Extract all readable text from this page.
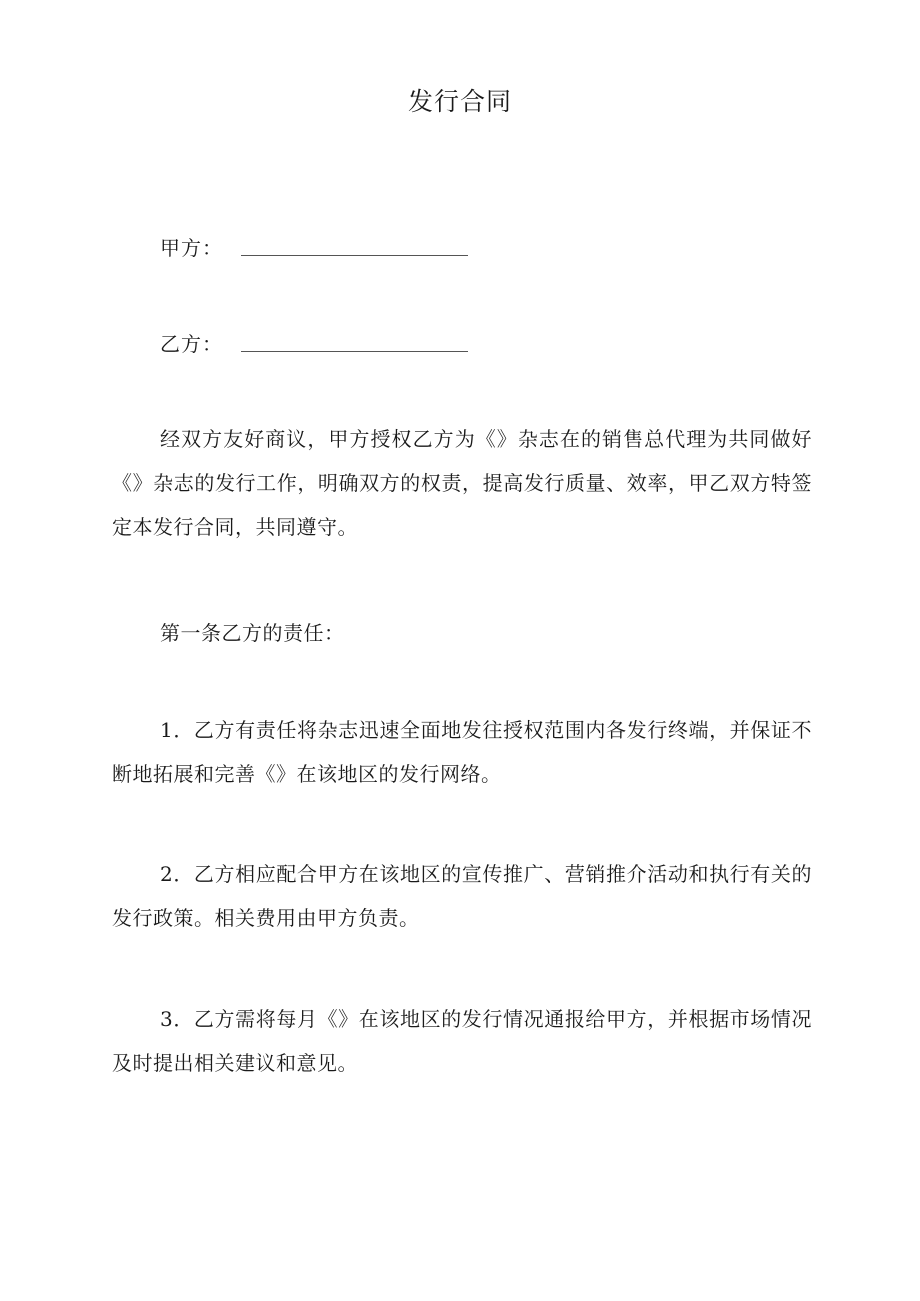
发行合同
甲方：
乙方：

经双方友好商议，甲方授权乙方为《》杂志在的销售总代理为共同做好《》杂志的发行工作，明确双方的权责，提高发行质量、效率，甲乙双方特签定本发行合同，共同遵守。

第一条乙方的责任：

1．乙方有责任将杂志迅速全面地发往授权范围内各发行终端，并保证不断地拓展和完善《》在该地区的发行网络。

2．乙方相应配合甲方在该地区的宣传推广、营销推介活动和执行有关的发行政策。相关费用由甲方负责。

3．乙方需将每月《》在该地区的发行情况通报给甲方，并根据市场情况及时提出相关建议和意见。
